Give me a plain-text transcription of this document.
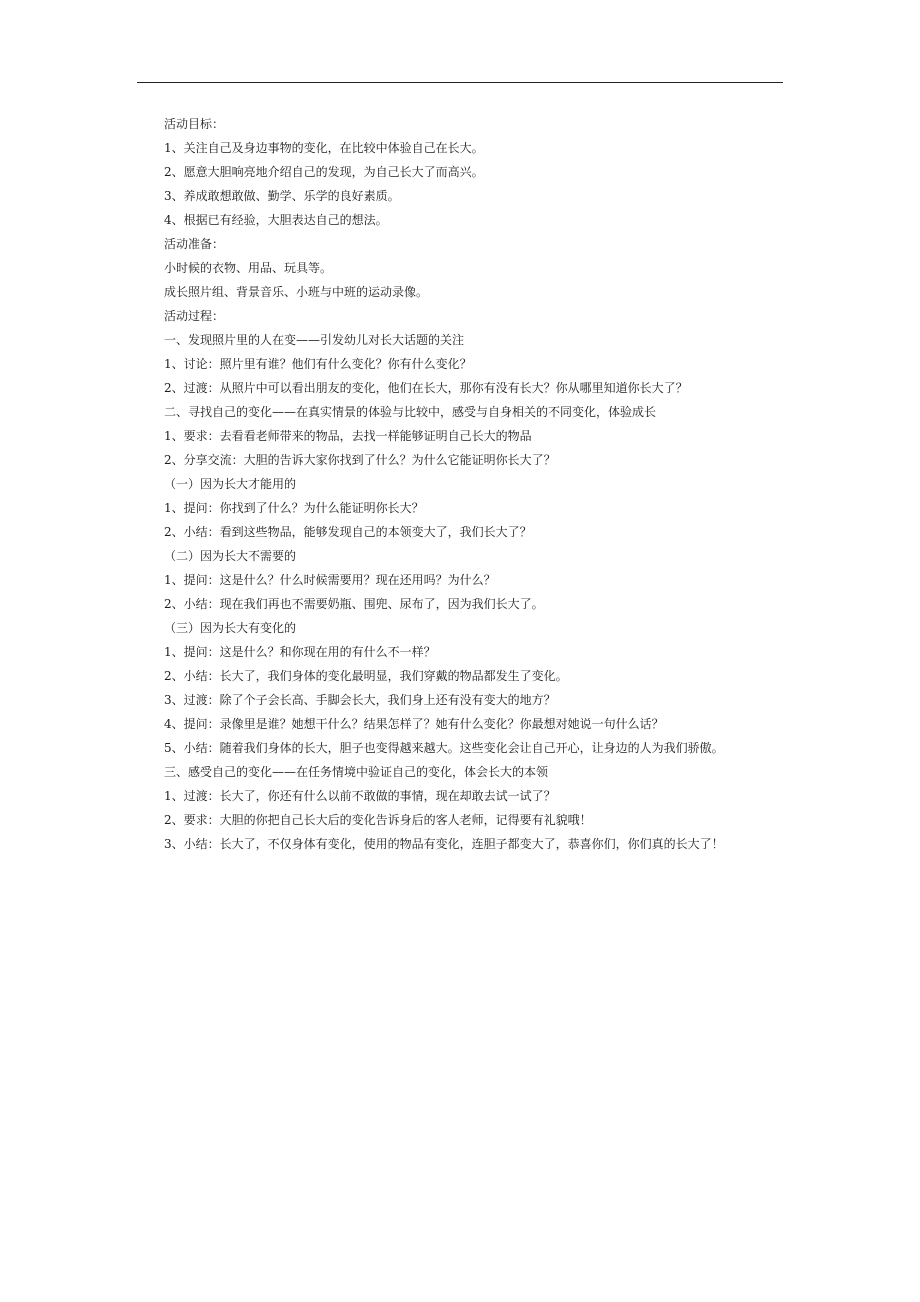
活动目标：
1、关注自己及身边事物的变化，在比较中体验自己在长大。
2、愿意大胆响亮地介绍自己的发现，为自己长大了而高兴。
3、养成敢想敢做、勤学、乐学的良好素质。
4、根据已有经验，大胆表达自己的想法。
活动准备：
小时候的衣物、用品、玩具等。
成长照片组、背景音乐、小班与中班的运动录像。
活动过程：
一、发现照片里的人在变——引发幼儿对长大话题的关注
1、讨论：照片里有谁？他们有什么变化？你有什么变化？
2、过渡：从照片中可以看出朋友的变化，他们在长大，那你有没有长大？你从哪里知道你长大了？
二、寻找自己的变化——在真实情景的体验与比较中，感受与自身相关的不同变化，体验成长
1、要求：去看看老师带来的物品，去找一样能够证明自己长大的物品
2、分享交流：大胆的告诉大家你找到了什么？为什么它能证明你长大了？
（一）因为长大才能用的
1、提问：你找到了什么？为什么能证明你长大？
2、小结：看到这些物品，能够发现自己的本领变大了，我们长大了？
（二）因为长大不需要的
1、提问：这是什么？什么时候需要用？现在还用吗？为什么？
2、小结：现在我们再也不需要奶瓶、围兜、尿布了，因为我们长大了。
（三）因为长大有变化的
1、提问：这是什么？和你现在用的有什么不一样？
2、小结：长大了，我们身体的变化最明显，我们穿戴的物品都发生了变化。
3、过渡：除了个子会长高、手脚会长大，我们身上还有没有变大的地方？
4、提问：录像里是谁？她想干什么？结果怎样了？她有什么变化？你最想对她说一句什么话？
5、小结：随着我们身体的长大，胆子也变得越来越大。这些变化会让自己开心，让身边的人为我们骄傲。
三、感受自己的变化——在任务情境中验证自己的变化，体会长大的本领
1、过渡：长大了，你还有什么以前不敢做的事情，现在却敢去试一试了？
2、要求：大胆的你把自己长大后的变化告诉身后的客人老师，记得要有礼貌哦！
3、小结：长大了，不仅身体有变化，使用的物品有变化，连胆子都变大了，恭喜你们，你们真的长大了！
